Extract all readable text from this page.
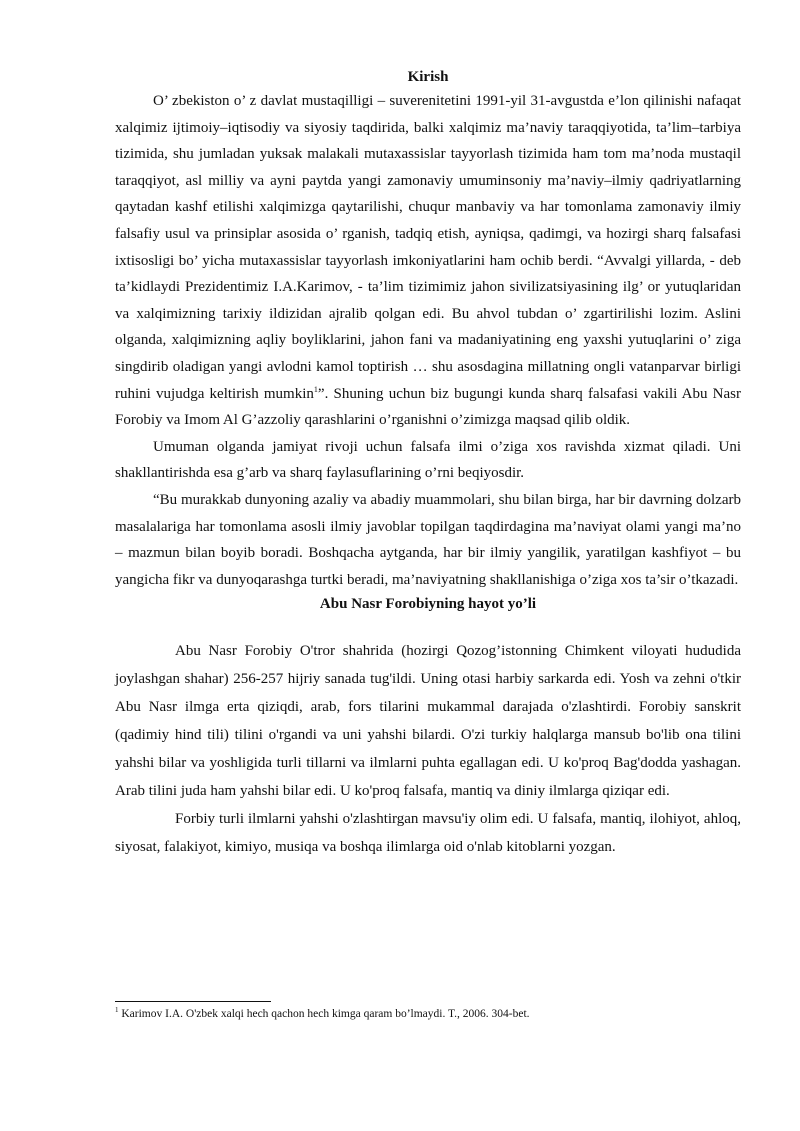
Kirish

O’ zbekiston o’ z davlat mustaqilligi – suverenitetini 1991-yil 31-avgustda e’lon qilinishi nafaqat xalqimiz ijtimoiy–iqtisodiy va siyosiy taqdirida, balki xalqimiz ma’naviy taraqqiyotida, ta’lim–tarbiya tizimida, shu jumladan yuksak malakali mutaxassislar tayyorlash tizimida ham tom ma’noda mustaqil taraqqiyot, asl milliy va ayni paytda yangi zamonaviy umuminsoniy ma’naviy–ilmiy qadriyatlarning qaytadan kashf etilishi xalqimizga qaytarilishi, chuqur manbaviy va har tomonlama zamonaviy ilmiy falsafiy usul va prinsiplar asosida o’ rganish, tadqiq etish, ayniqsa, qadimgi, va hozirgi sharq falsafasi ixtisosligi bo’ yicha mutaxassislar tayyorlash imkoniyatlarini ham ochib berdi. “Avvalgi yillarda, - deb ta’kidlaydi Prezidentimiz I.A.Karimov, - ta’lim tizimimiz jahon sivilizatsiyasining ilg’ or yutuqlaridan va xalqimizning tarixiy ildizidan ajralib qolgan edi. Bu ahvol tubdan o’ zgartirilishi lozim. Aslini olganda, xalqimizning aqliy boyliklarini, jahon fani va madaniyatining eng yaxshi yutuqlarini o’ ziga singdirib oladigan yangi avlodni kamol toptirish … shu asosdagina millatning ongli vatanparvar birligi ruhini vujudga keltirish mumkin$^1$”. Shuning uchun biz bugungi kunda sharq falsafasi vakili Abu Nasr Forobiy va Imom Al G’azzoliy qarashlarini o’rganishni o’zimizga maqsad qilib oldik.

Umuman olganda jamiyat rivoji uchun falsafa ilmi o’ziga xos ravishda xizmat qiladi. Uni shakllantirishda esa g’arb va sharq faylasuflarining o’rni beqiyosdir.

“Bu murakkab dunyoning azaliy va abadiy muammolari, shu bilan birga, har bir davrning dolzarb masalalariga har tomonlama asosli ilmiy javoblar topilgan taqdirdagina ma’naviyat olami yangi ma’no – mazmun bilan boyib boradi. Boshqacha aytganda, har bir ilmiy yangilik, yaratilgan kashfiyot – bu yangicha fikr va dunyoqarashga turtki beradi, ma’naviyatning shakllanishiga o’ziga xos ta’sir o’tkazadi.

Abu Nasr Forobiyning hayot yo’li

Abu Nasr Forobiy O'tror shahrida (hozirgi Qozog’istonning Chimkent viloyati hududida joylashgan shahar) 256-257 hijriy sanada tug'ildi. Uning otasi harbiy sarkarda edi. Yosh va zehni o'tkir Abu Nasr ilmga erta qiziqdi, arab, fors tilarini mukammal darajada o'zlashtirdi. Forobiy sanskrit (qadimiy hind tili) tilini o'rgandi va uni yahshi bilardi. O'zi turkiy halqlarga mansub bo'lib ona tilini yahshi bilar va yoshligida turli tillarni va ilmlarni puhta egallagan edi. U ko'proq Bag'dodda yashagan. Arab tilini juda ham yahshi bilar edi. U ko'proq falsafa, mantiq va diniy ilmlarga qiziqar edi.

Forbiy turli ilmlarni yahshi o'zlashtirgan mavsu'iy olim edi. U falsafa, mantiq, ilohiyot, ahloq, siyosat, falakiyot, kimiyo, musiqa va boshqa ilimlarga oid o'nlab kitoblarni yozgan.

$^1$ Karimov I.A. O'zbek xalqi hech qachon hech kimga qaram bo’lmaydi. T., 2006. 304-bet.
